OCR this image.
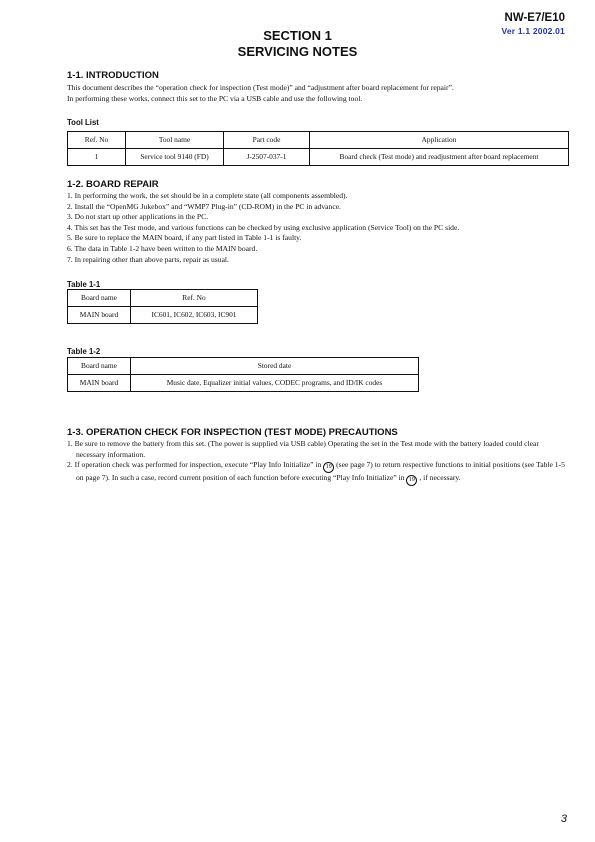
NW-E7/E10
Ver 1.1 2002.01
SECTION 1
SERVICING NOTES
1-1. INTRODUCTION
This document describes the “operation check for inspection (Test mode)” and “adjustment after board replacement for repair”.
In performing these works, connect this set to the PC via a USB cable and use the following tool.
Tool List
Ref. No	Tool name	Part code	Application
1	Service tool 9140 (FD)	J-2507-037-1	Board check (Test mode) and readjustment after board replacement
1-2. BOARD REPAIR
1. In performing the work, the set should be in a complete state (all components assembled).
2. Install the “OpenMG Jukebox” and “WMP7 Plug-in” (CD-ROM) in the PC in advance.
3. Do not start up other applications in the PC.
4. This set has the Test mode, and various functions can be checked by using exclusive application (Service Tool) on the PC side.
5. Be sure to replace the MAIN board, if any part listed in Table 1-1 is faulty.
6. The data in Table 1-2 have been written to the MAIN board.
7. In repairing other than above parts, repair as usual.
Table 1-1
Board name	Ref. No
MAIN board	IC601, IC602, IC603, IC901
Table 1-2
Board name	Stored date
MAIN board	Music date, Equalizer initial values, CODEC programs, and ID/IK codes
1-3. OPERATION CHECK FOR INSPECTION (TEST MODE) PRECAUTIONS
1. Be sure to remove the battery from this set. (The power is supplied via USB cable) Operating the set in the Test mode with the battery loaded could clear necessary information.
2. If operation check was performed for inspection, execute “Play Info Initialize” in 19 (see page 7) to return respective functions to initial positions (see Table 1-5 on page 7). In such a case, record current position of each function before executing “Play Info Initialize” in 19 , if necessary.
3
